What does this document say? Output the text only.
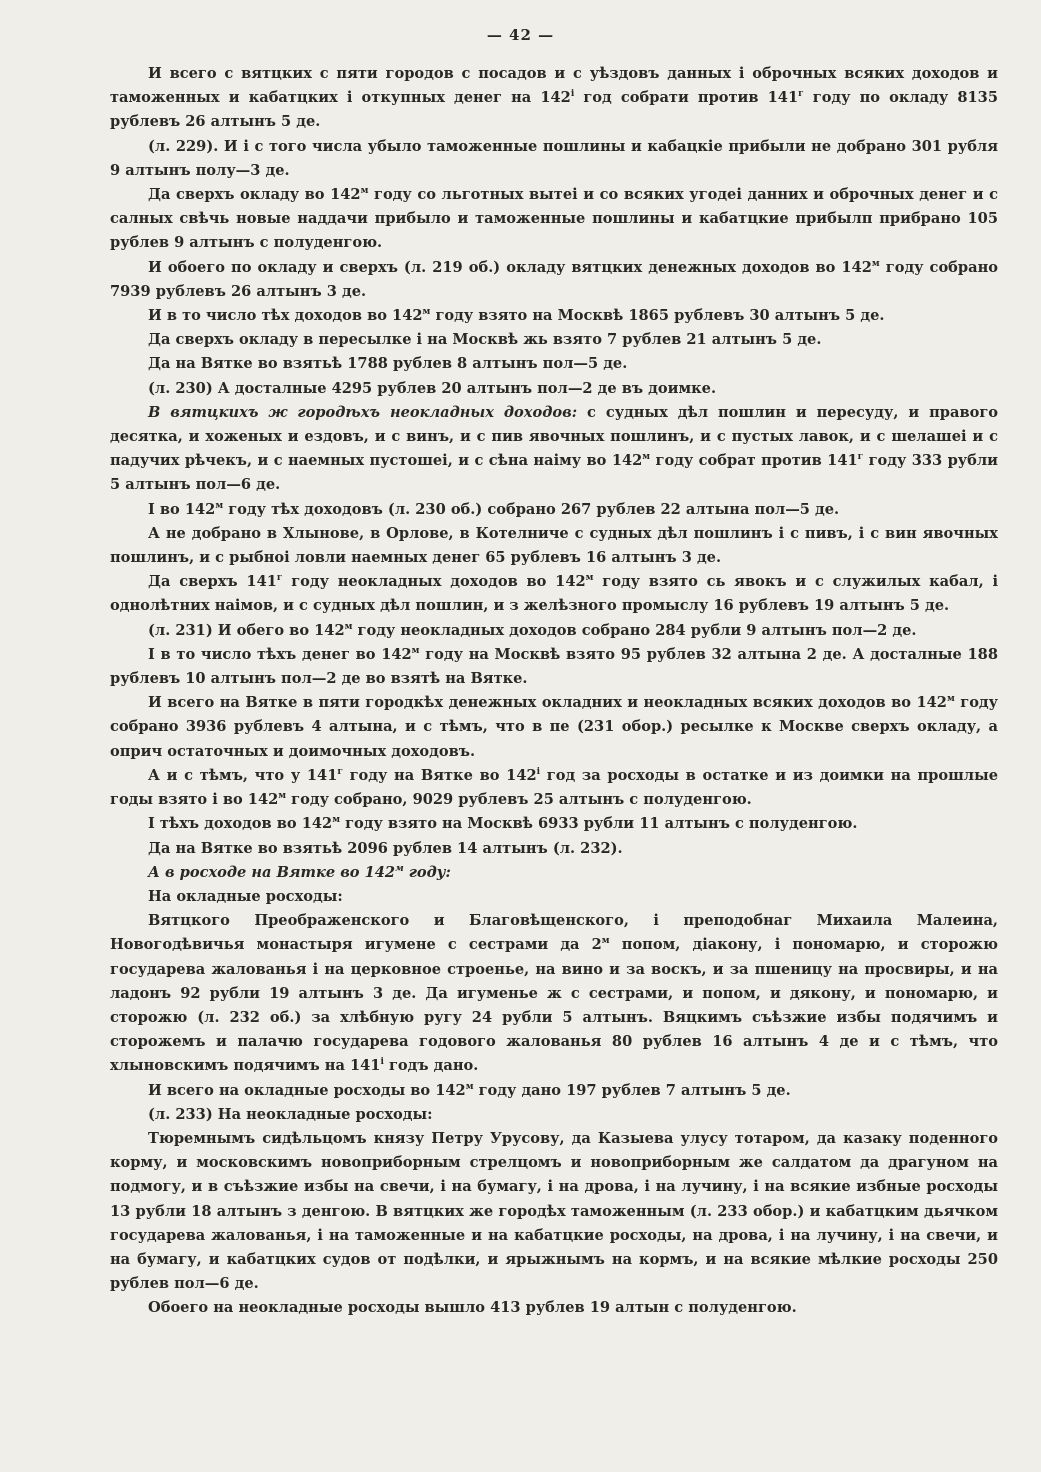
— 42 —

И всего с вятцких с пяти городов с посадов и с уѣздовъ данных і оброчных всяких доходов и таможенных и кабатцких і откупных денег на $142^і$ год собрати против $141^г$ году по окладу 8135 рублевъ 26 алтынъ 5 де.

(л. 229). И і с того числа убыло таможенные пошлины и кабацкіе прибыли не добрано 301 рубля 9 алтынъ полу—3 де.

Да сверхъ окладу во $142^м$ году со льготных вытеі и со всяких угодеі данних и оброчных денег и с салных свѣчь новые наддачи прибыло и таможенные пошлины и кабатцкие прибылп прибрано 105 рублев 9 алтынъ с полуденгою.

И обоего по окладу и сверхъ (л. 219 об.) окладу вятцких денежных доходов во $142^м$ году собрано 7939 рублевъ 26 алтынъ 3 де.

И в то число тѣх доходов во $142^м$ году взято на Москвѣ 1865 рублевъ 30 алтынъ 5 де.

Да сверхъ окладу в пересылке і на Москвѣ жь взято 7 рублев 21 алтынъ 5 де.

Да на Вятке во взятьѣ 1788 рублев 8 алтынъ пол—5 де.

(л. 230) А досталные 4295 рублев 20 алтынъ пол—2 де въ доимке.

В вятцкихъ ж городѣхъ неокладных доходов: с судных дѣл пошлин и пересуду, и правого десятка, и хоженых и ездовъ, и с винъ, и с пив явочных пошлинъ, и с пустых лавок, и с шелашеі и с падучих рѣчекъ, и с наемных пустошеі, и с сѣна наіму во $142^м$ году собрат против $141^г$ году 333 рубли 5 алтынъ пол—6 де.

І во $142^м$ году тѣх доходовъ (л. 230 об.) собрано 267 рублев 22 алтына пол—5 де.

А не добрано в Хлынове, в Орлове, в Котелниче с судных дѣл пошлинъ і с пивъ, і с вин явочных пошлинъ, и с рыбноі ловли наемных денег 65 рублевъ 16 алтынъ 3 де.

Да сверхъ $141^г$ году неокладных доходов во $142^м$ году взято сь явокъ и с служилых кабал, і однолѣтних наімов, и с судных дѣл пошлин, и з желѣзного промыслу 16 рублевъ 19 алтынъ 5 де.

(л. 231) И обего во $142^м$ году неокладных доходов собрано 284 рубли 9 алтынъ пол—2 де.

І в то число тѣхъ денег во $142^м$ году на Москвѣ взято 95 рублев 32 алтына 2 де. А досталные 188 рублевъ 10 алтынъ пол—2 де во взятѣ на Вятке.

И всего на Вятке в пяти городкѣх денежных окладних и неокладных всяких доходов во $142^м$ году собрано 3936 рублевъ 4 алтына, и с тѣмъ, что в пе (231 обор.) ресылке к Москве сверхъ окладу, а оприч остаточных и доимочных доходовъ.

А и с тѣмъ, что у $141^г$ году на Вятке во $142^і$ год за росходы в остатке и из доимки на прошлые годы взято і во $142^м$ году собрано, 9029 рублевъ 25 алтынъ с полуденгою.

І тѣхъ доходов во $142^м$ году взято на Москвѣ 6933 рубли 11 алтынъ с полуденгою.

Да на Вятке во взятьѣ 2096 рублев 14 алтынъ (л. 232).

А в росходе на Вятке во $142^м$ году:

На окладные росходы:

Вятцкого Преображенского и Благовѣщенского, і преподобнаг Михаила Малеина, Новогодѣвичья монастыря игумене с сестрами да $2^м$ попом, діакону, і пономарю, и сторожю государева жалованья і на церковное строенье, на вино и за воскъ, и за пшеницу на просвиры, и на ладонъ 92 рубли 19 алтынъ 3 де. Да игуменье ж с сестрами, и попом, и дякону, и пономарю, и сторожю (л. 232 об.) за хлѣбную ругу 24 рубли 5 алтынъ. Вяцкимъ съѣзжие избы подячимъ и сторожемъ и палачю государева годового жалованья 80 рублев 16 алтынъ 4 де и с тѣмъ, что хлыновскимъ подячимъ на $141^і$ годъ дано.

И всего на окладные росходы во $142^м$ году дано 197 рублев 7 алтынъ 5 де.

(л. 233) На неокладные росходы:

Тюремнымъ сидѣльцомъ князу Петру Урусову, да Казыева улусу тотаром, да казаку поденного корму, и московскимъ новоприборным стрелцомъ и новоприборным же салдатом да драгуном на подмогу, и в съѣзжие избы на свечи, і на бумагу, і на дрова, і на лучину, і на всякие избные росходы 13 рубли 18 алтынъ з денгою. В вятцких же городѣх таможенным (л. 233 обор.) и кабатцким дьячком государева жалованья, і на таможенные и на кабатцкие росходы, на дрова, і на лучину, і на свечи, и на бумагу, и кабатцких судов от подѣлки, и ярыжнымъ на кормъ, и на всякие мѣлкие росходы 250 рублев пол—6 де.

Обоего на неокладные росходы вышло 413 рублев 19 алтын с полуденгою.
